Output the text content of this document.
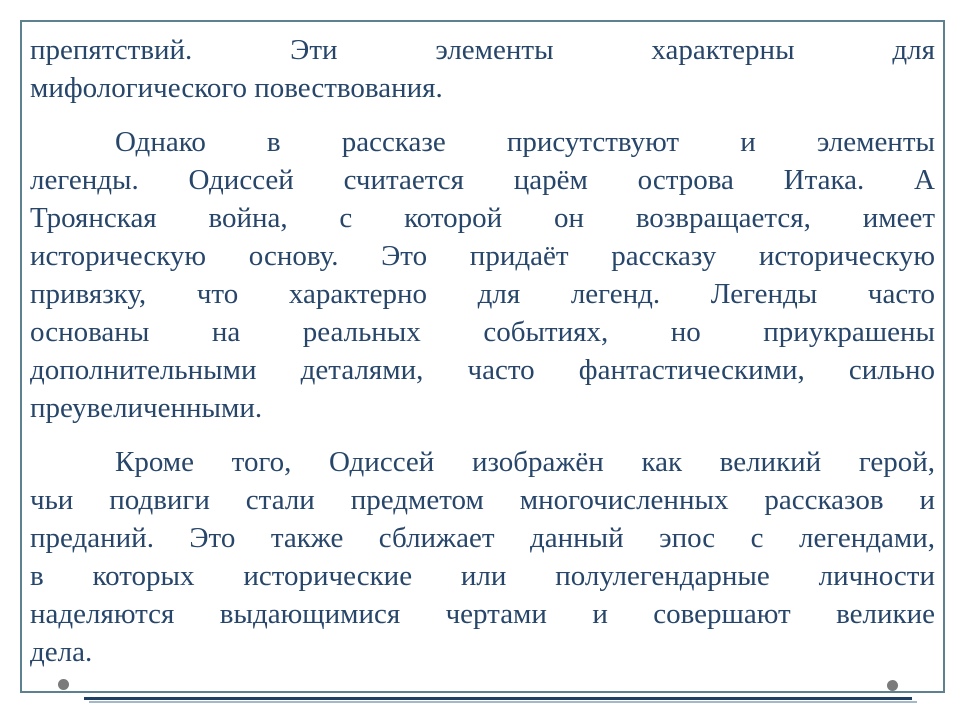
препятствий. Эти элементы характерны для
мифологического повествования.
Однако в рассказе присутствуют и элементы
легенды. Одиссей считается царём острова Итака. А
Троянская война, с которой он возвращается, имеет
историческую основу. Это придаёт рассказу историческую
привязку, что характерно для легенд. Легенды часто
основаны на реальных событиях, но приукрашены
дополнительными деталями, часто фантастическими, сильно
преувеличенными.
Кроме того, Одиссей изображён как великий герой,
чьи подвиги стали предметом многочисленных рассказов и
преданий. Это также сближает данный эпос с легендами,
в которых исторические или полулегендарные личности
наделяются выдающимися чертами и совершают великие
дела.
